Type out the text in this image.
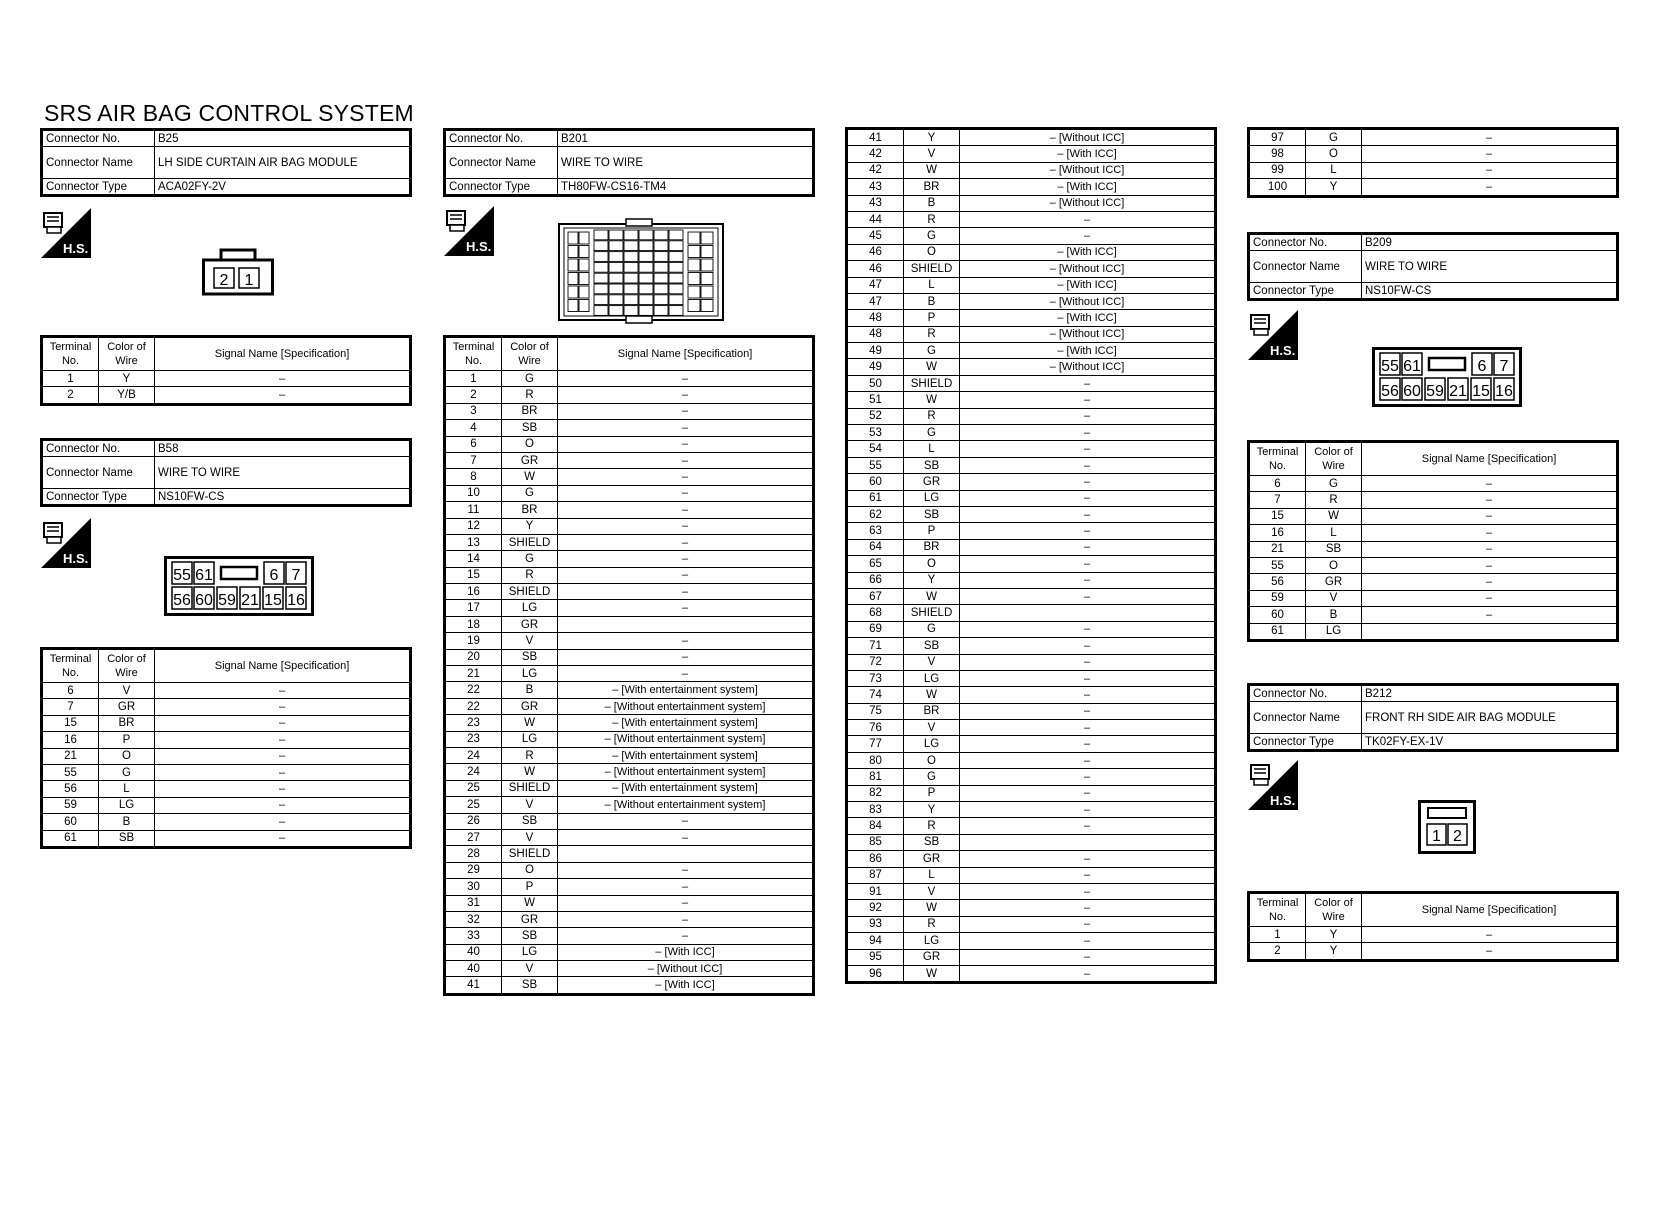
SRS AIR BAG CONTROL SYSTEM
Connector No.	B25
Connector Name	LH SIDE CURTAIN AIR BAG MODULE
Connector Type	ACA02FY-2V
H.S.
2 1
Terminal No.	Color of Wire	Signal Name [Specification]
1	Y	–
2	Y/B	–
Connector No.	B58
Connector Name	WIRE TO WIRE
Connector Type	NS10FW-CS
H.S.
55 61	6 7
56 60 59 21 15 16
Terminal No.	Color of Wire	Signal Name [Specification]
6	V	–
7	GR	–
15	BR	–
16	P	–
21	O	–
55	G	–
56	L	–
59	LG	–
60	B	–
61	SB	–
Connector No.	B201
Connector Name	WIRE TO WIRE
Connector Type	TH80FW-CS16-TM4
H.S.
Terminal No.	Color of Wire	Signal Name [Specification]
1	G	–
2	R	–
3	BR	–
4	SB	–
6	O	–
7	GR	–
8	W	–
10	G	–
11	BR	–
12	Y	–
13	SHIELD	–
14	G	–
15	R	–
16	SHIELD	–
17	LG	–
18	GR	
19	V	–
20	SB	–
21	LG	–
22	B	– [With entertainment system]
22	GR	– [Without entertainment system]
23	W	– [With entertainment system]
23	LG	– [Without entertainment system]
24	R	– [With entertainment system]
24	W	– [Without entertainment system]
25	SHIELD	– [With entertainment system]
25	V	– [Without entertainment system]
26	SB	–
27	V	–
28	SHIELD	
29	O	–
30	P	–
31	W	–
32	GR	–
33	SB	–
40	LG	– [With ICC]
40	V	– [Without ICC]
41	SB	– [With ICC]
41	Y	– [Without ICC]
42	V	– [With ICC]
42	W	– [Without ICC]
43	BR	– [With ICC]
43	B	– [Without ICC]
44	R	–
45	G	–
46	O	– [With ICC]
46	SHIELD	– [Without ICC]
47	L	– [With ICC]
47	B	– [Without ICC]
48	P	– [With ICC]
48	R	– [Without ICC]
49	G	– [With ICC]
49	W	– [Without ICC]
50	SHIELD	–
51	W	–
52	R	–
53	G	–
54	L	–
55	SB	–
60	GR	–
61	LG	–
62	SB	–
63	P	–
64	BR	–
65	O	–
66	Y	–
67	W	–
68	SHIELD	
69	G	–
71	SB	–
72	V	–
73	LG	–
74	W	–
75	BR	–
76	V	–
77	LG	–
80	O	–
81	G	–
82	P	–
83	Y	–
84	R	–
85	SB	
86	GR	–
87	L	–
91	V	–
92	W	–
93	R	–
94	LG	–
95	GR	–
96	W	–
97	G	–
98	O	–
99	L	–
100	Y	–
Connector No.	B209
Connector Name	WIRE TO WIRE
Connector Type	NS10FW-CS
H.S.
55 61	6 7
56 60 59 21 15 16
Terminal No.	Color of Wire	Signal Name [Specification]
6	G	–
7	R	–
15	W	–
16	L	–
21	SB	–
55	O	–
56	GR	–
59	V	–
60	B	–
61	LG	
Connector No.	B212
Connector Name	FRONT RH SIDE AIR BAG MODULE
Connector Type	TK02FY-EX-1V
H.S.
1 2
Terminal No.	Color of Wire	Signal Name [Specification]
1	Y	–
2	Y	–
